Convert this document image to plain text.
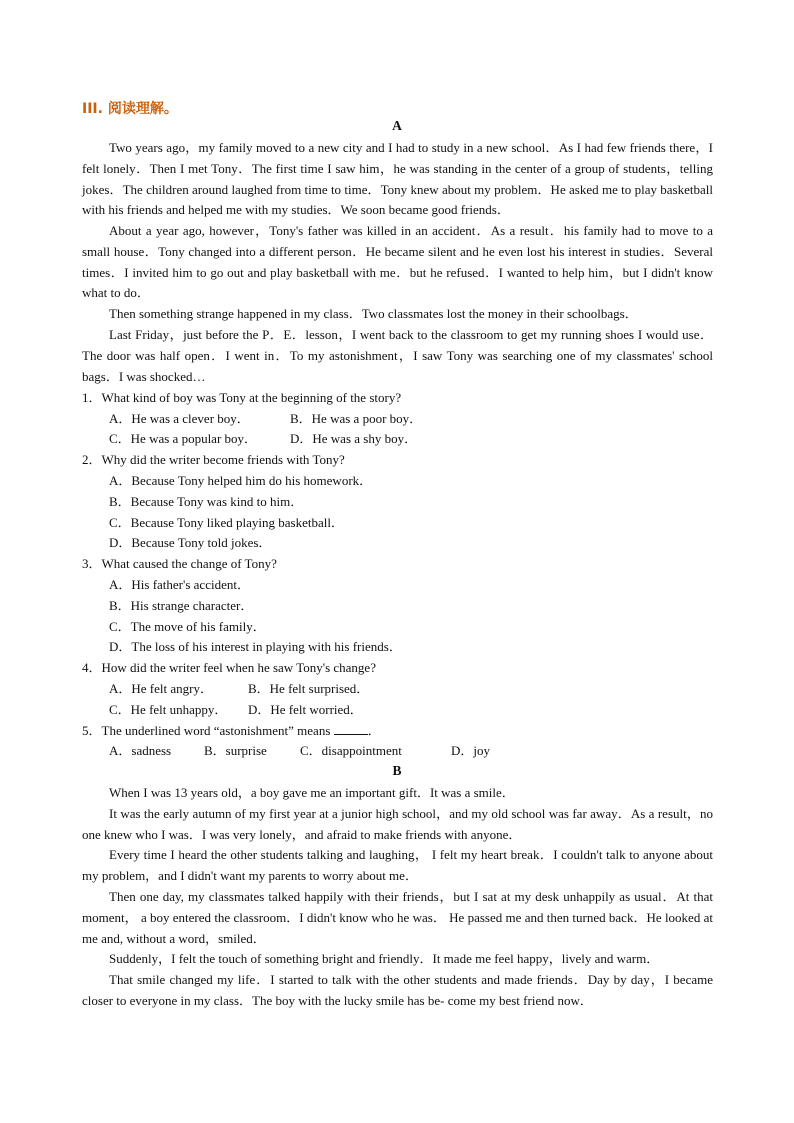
III. 阅读理解。
A
Two years ago，my family moved to a new city and I had to study in a new school．As I had few friends there，I felt lonely．Then I met Tony．The first time I saw him，he was standing in the center of a group of students，telling jokes．The children around laughed from time to time．Tony knew about my problem．He asked me to play basketball with his friends and helped me with my studies．We soon became good friends．
About a year ago, however，Tony's father was killed in an accident．As a result．his family had to move to a small house．Tony changed into a different person．He became silent and he even lost his interest in studies．Several times．I invited him to go out and play basketball with me．but he refused．I wanted to help him，but I didn't know what to do．
Then something strange happened in my class．Two classmates lost the money in their schoolbags．
Last Friday，just before the P．E．lesson，I went back to the classroom to get my running shoes I would use．The door was half open．I went in．To my astonishment，I saw Tony was searching one of my classmates' school bags．I was shocked…
1．What kind of boy was Tony at the beginning of the story?
A．He was a clever boy．	B．He was a poor boy．
C．He was a popular boy．	D．He was a shy boy．
2．Why did the writer become friends with Tony?
A．Because Tony helped him do his homework．
B．Because Tony was kind to him．
C．Because Tony liked playing basketball．
D．Because Tony told jokes．
3．What caused the change of Tony?
A．His father's accident．
B．His strange character．
C．The move of his family．
D．The loss of his interest in playing with his friends．
4．How did the writer feel when he saw Tony's change?
A．He felt angry．	B．He felt surprised．
C．He felt unhappy． D．He felt worried．
5．The underlined word “astonishment” means	．
A．sadness	B．surprise	C．disappointment	D．joy
B
When I was 13 years old，a boy gave me an important gift．It was a smile．
It was the early autumn of my first year at a junior high school，and my old school was far away．As a result，no one knew who I was．I was very lonely，and afraid to make friends with anyone．
Every time I heard the other students talking and laughing， I felt my heart break．I couldn't talk to anyone about my problem，and I didn't want my parents to worry about me．
Then one day, my classmates talked happily with their friends，but I sat at my desk unhappily as usual．At that moment， a boy entered the classroom．I didn't know who he was． He passed me and then turned back．He looked at me and, without a word，smiled．
Suddenly，I felt the touch of something bright and friendly．It made me feel happy，lively and warm．
That smile changed my life．I started to talk with the other students and made friends．Day by day，I became closer to everyone in my class．The boy with the lucky smile has be- come my best friend now．
